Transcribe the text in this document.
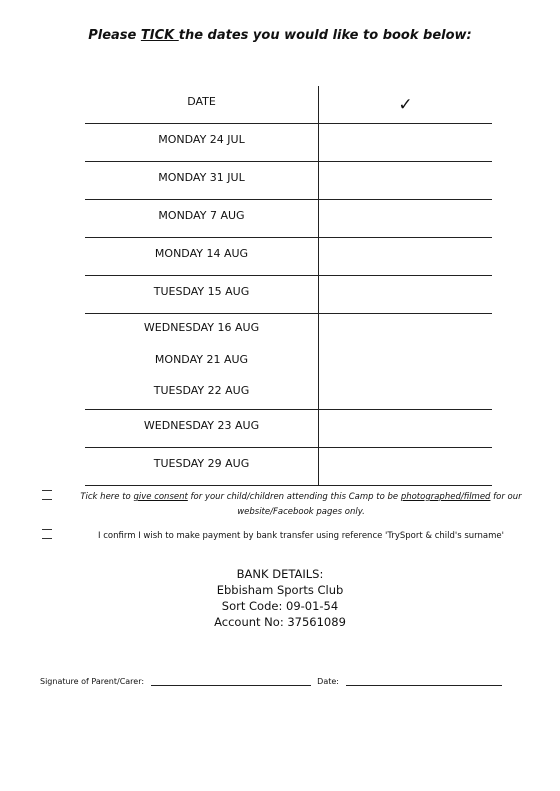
Please TICK the dates you would like to book below:
DATE	✓
MONDAY 24 JUL	
MONDAY 31 JUL	
MONDAY 7 AUG	
MONDAY 14 AUG	
TUESDAY 15 AUG	

WEDNESDAY 16 AUG
MONDAY 21 AUG
TUESDAY 22 AUG	

WEDNESDAY 23 AUG	
TUESDAY 29 AUG	
Tick here to give consent for your child/children attending this Camp to be photographed/filmed for our website/Facebook pages only.
I confirm I wish to make payment by bank transfer using reference 'TrySport & child's surname'
BANK DETAILS:
Ebbisham Sports Club
Sort Code: 09-01-54
Account No: 37561089
Signature of Parent/Carer:	Date:
